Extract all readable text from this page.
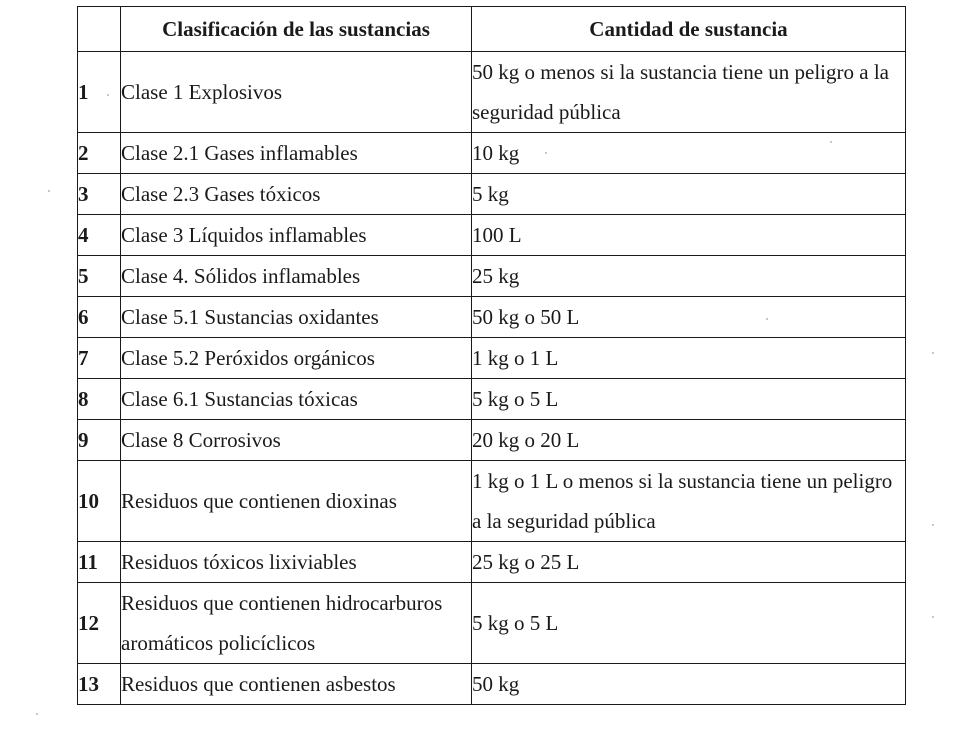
	Clasificación de las sustancias	Cantidad de sustancia
1	Clase 1 Explosivos	50 kg o menos si la sustancia tiene un peligro a la seguridad pública
2	Clase 2.1 Gases inflamables	10 kg
3	Clase 2.3 Gases tóxicos	5 kg
4	Clase 3 Líquidos inflamables	100 L
5	Clase 4. Sólidos inflamables	25 kg
6	Clase 5.1 Sustancias oxidantes	50 kg o 50 L
7	Clase 5.2 Peróxidos orgánicos	1 kg o 1 L
8	Clase 6.1 Sustancias tóxicas	5 kg o 5 L
9	Clase 8 Corrosivos	20 kg o 20 L
10	Residuos que contienen dioxinas	1 kg o 1 L o menos si la sustancia tiene un peligro a la seguridad pública
11	Residuos tóxicos lixiviables	25 kg o 25 L
12	Residuos que contienen hidrocarburos aromáticos policíclicos	5 kg o 5 L
13	Residuos que contienen asbestos	50 kg
